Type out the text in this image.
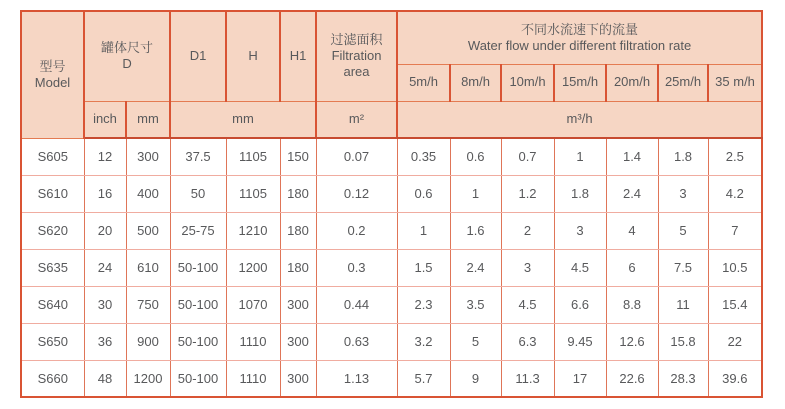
型号
Model

罐体尺寸
D
	D1	H	H1	
过滤面积
Filtration area

不同水流速下的流量
Water flow under different filtration rate

							5m/h	8m/h	10m/h	15m/h	20m/h	25m/h	35 m/h
	inch	mm	mm			m²	m³/h						
S605	12	300	37.5	1105	150	0.07	0.35	0.6	0.7	1	1.4	1.8	2.5
S610	16	400	50	1105	180	0.12	0.6	1	1.2	1.8	2.4	3	4.2
S620	20	500	25-75	1210	180	0.2	1	1.6	2	3	4	5	7
S635	24	610	50-100	1200	180	0.3	1.5	2.4	3	4.5	6	7.5	10.5
S640	30	750	50-100	1070	300	0.44	2.3	3.5	4.5	6.6	8.8	11	15.4
S650	36	900	50-100	1110	300	0.63	3.2	5	6.3	9.45	12.6	15.8	22
S660	48	1200	50-100	1110	300	1.13	5.7	9	11.3	17	22.6	28.3	39.6
